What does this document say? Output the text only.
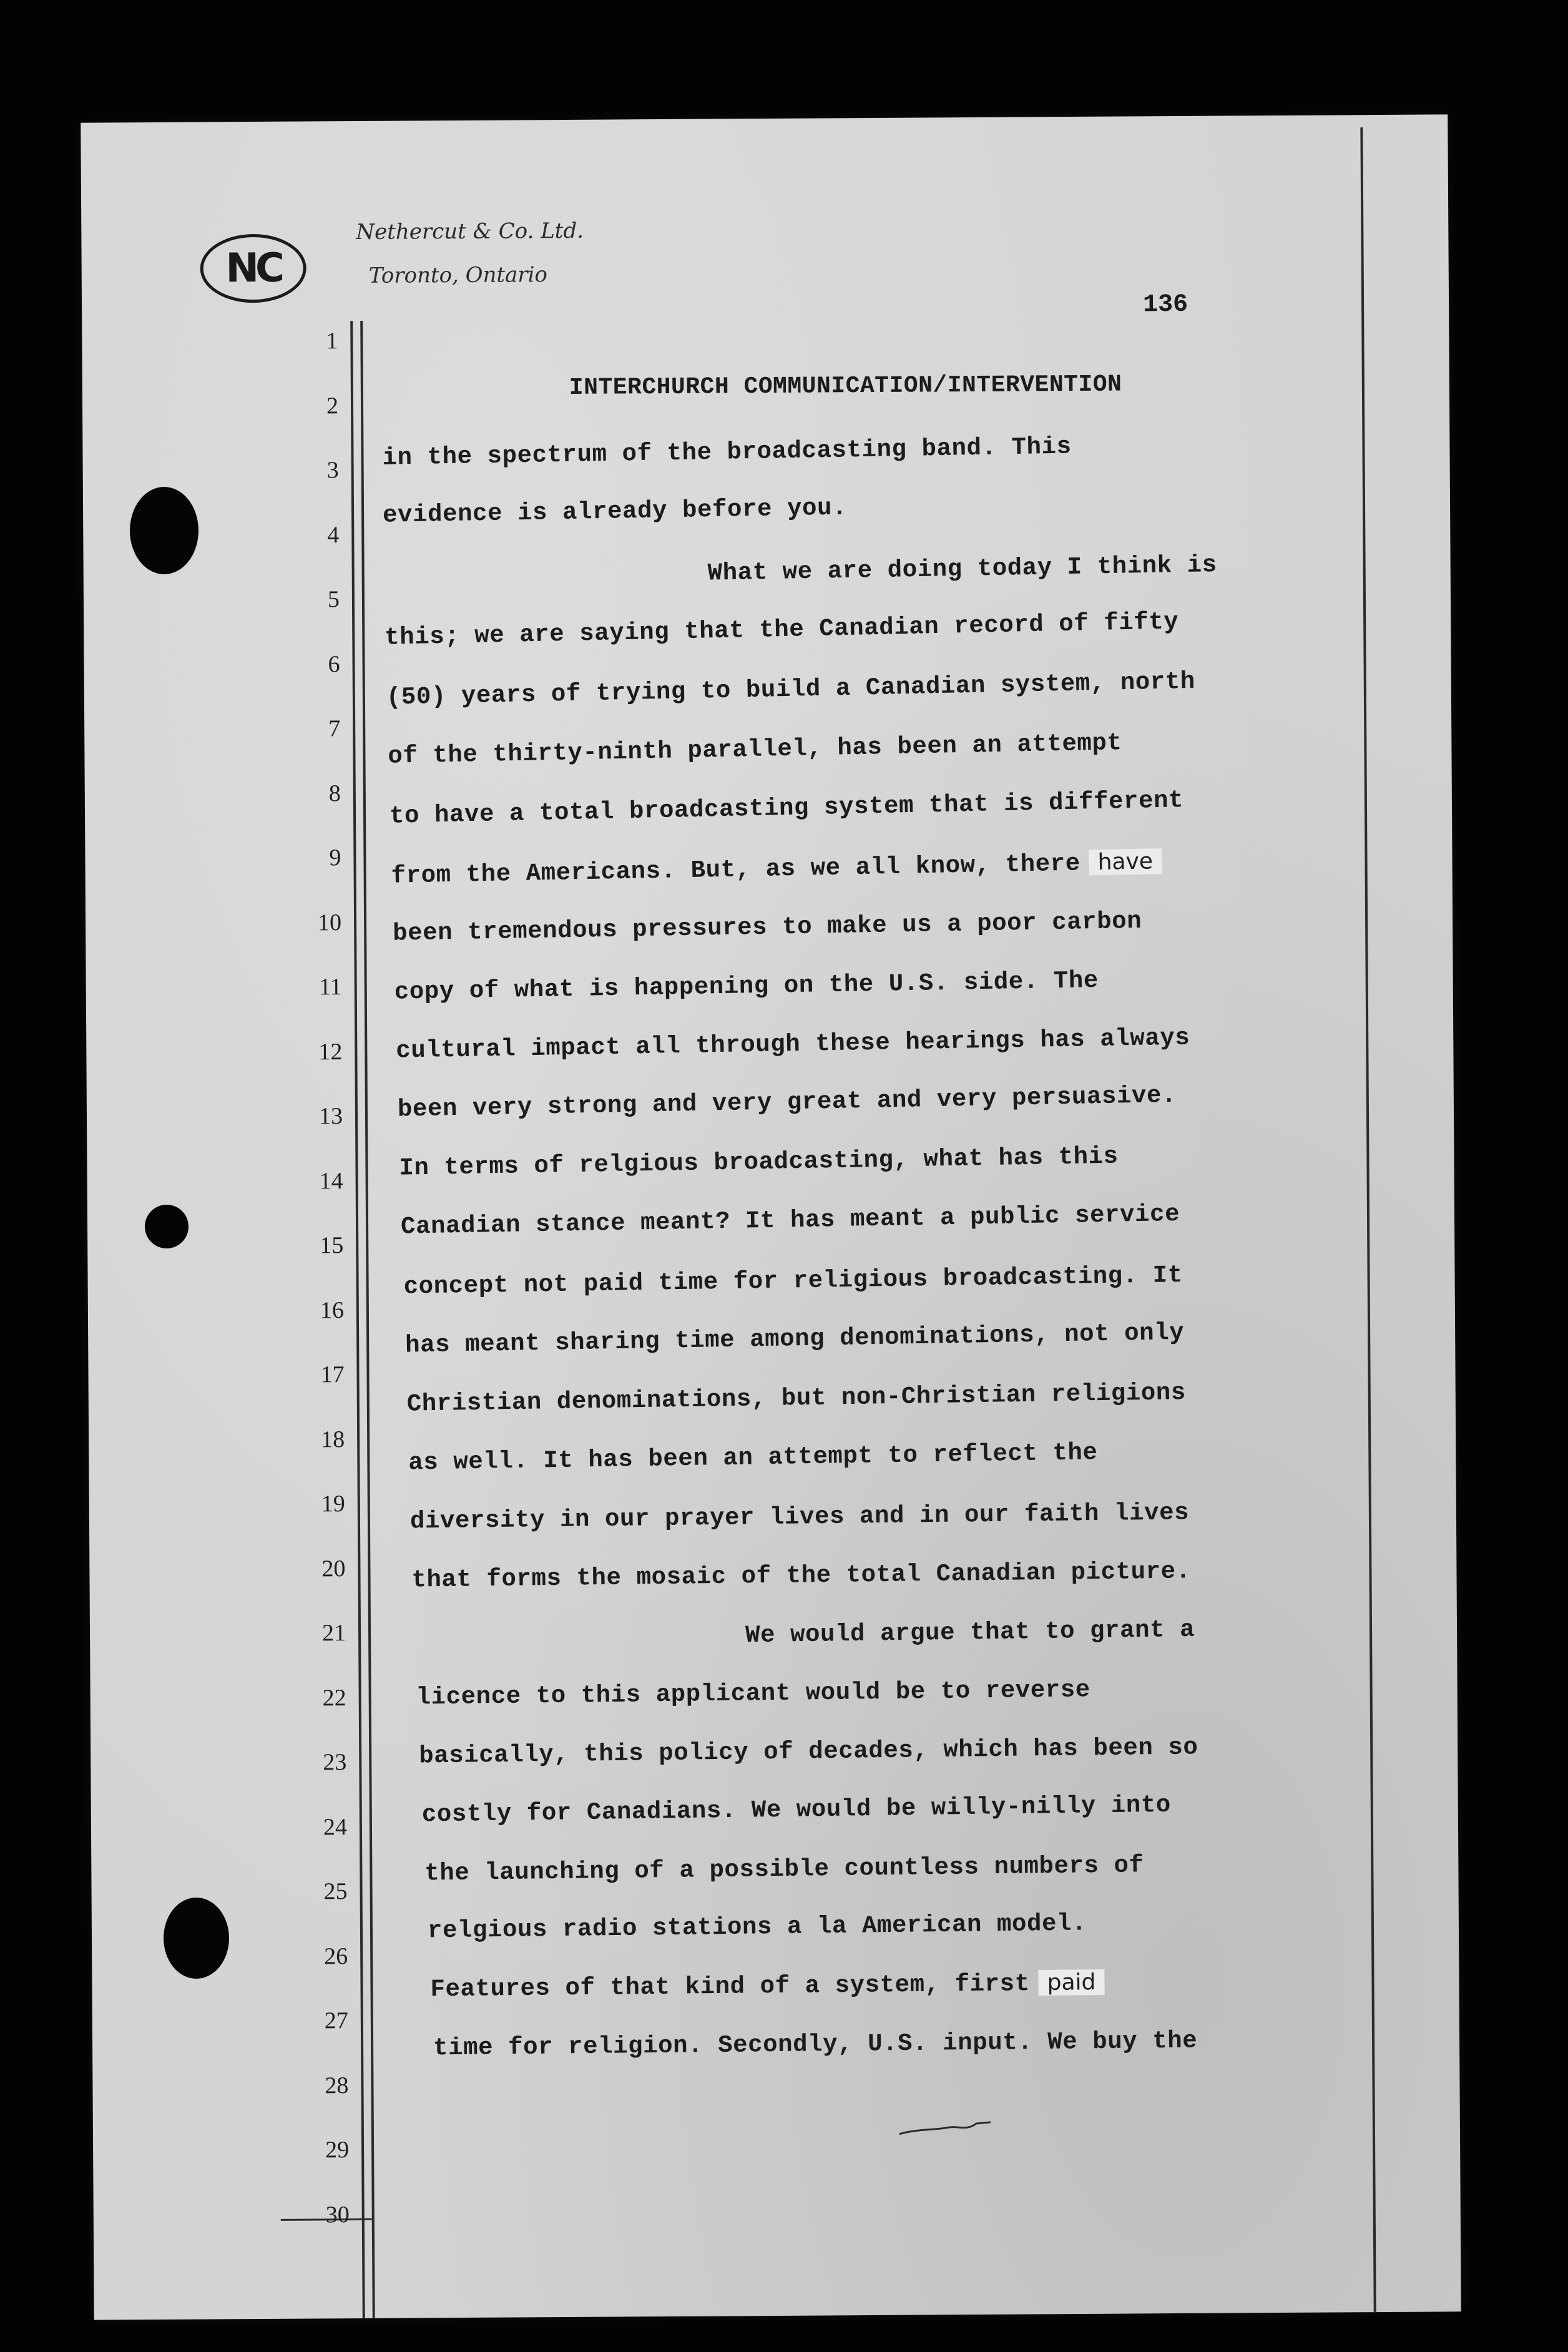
NC
Nethercut & Co. Ltd.
Toronto, Ontario
136
1
2
3
4
5
6
7
8
9
10
11
12
13
14
15
16
17
18
19
20
21
22
23
24
25
26
27
28
29
30
INTERCHURCH COMMUNICATION/INTERVENTION
in the spectrum of the broadcasting band. This
evidence is already before you.
What we are doing today I think is
this; we are saying that the Canadian record of fifty
(50) years of trying to build a Canadian system, north
of the thirty-ninth parallel, has been an attempt
to have a total broadcasting system that is different
from the Americans. But, as we all know, there have
been tremendous pressures to make us a poor carbon
copy of what is happening on the U.S. side. The
cultural impact all through these hearings has always
been very strong and very great and very persuasive.
In terms of relgious broadcasting, what has this
Canadian stance meant? It has meant a public service
concept not paid time for religious broadcasting. It
has meant sharing time among denominations, not only
Christian denominations, but non-Christian religions
as well. It has been an attempt to reflect the
diversity in our prayer lives and in our faith lives
that forms the mosaic of the total Canadian picture.
We would argue that to grant a
licence to this applicant would be to reverse
basically, this policy of decades, which has been so
costly for Canadians. We would be willy-nilly into
the launching of a possible countless numbers of
relgious radio stations a la American model.
Features of that kind of a system, first paid
time for religion. Secondly, U.S. input. We buy the
